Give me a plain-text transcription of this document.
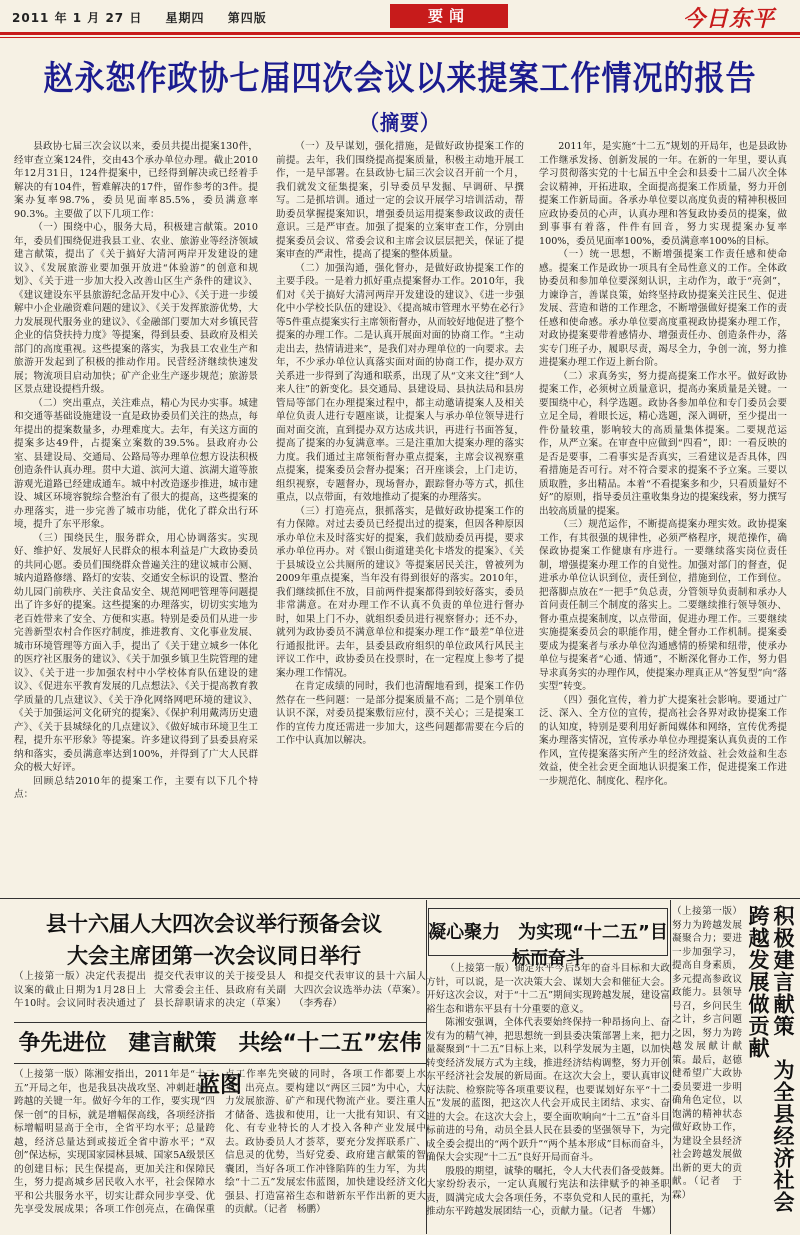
2011 年 1 月 27 日 星期四 第四版	要闻	今日东平
赵永恕作政协七届四次会议以来提案工作情况的报告（摘要）

县政协七届三次会议以来，委员共提出提案130件，经审查立案124件，交由43个承办单位办理。截止2010年12月31日，124件提案中，已经得到解决或已经着手解决的有104件，暂难解决的17件，留作参考的3件。提案办复率98.7%，委员见面率85.5%，委员满意率90.3%。主要做了以下几项工作：

（一）围绕中心，服务大局，积极建言献策。2010年，委员们围绕促进我县工业、农业、旅游业等经济领域建言献策，提出了《关于搞好大清河两岸开发建设的建议》、《发展旅游业要加强开放进“体验游”的创意和规划》、《关于进一步加大投入改善山区生产条件的建议》、《建议建设东平县旅游纪念品开发中心》、《关于进一步缓解中小企业融资难问题的建议》、《关于发挥旅游优势，大力发展现代服务业的建议》、《金融部门要加大对乡镇民营企业的信贷扶持力度》等提案，得到县委、县政府及相关部门的高度重视。这些提案的落实，为我县工农业生产和旅游开发起到了积极的推动作用。民营经济继续快速发展；物流项目启动加快；矿产企业生产逐步规范；旅游景区景点建设提档升级。

（二）突出重点，关注难点，精心为民办实事。城建和交通等基础设施建设一直是政协委员们关注的热点，每年提出的提案数量多，办理难度大。去年，有关这方面的提案多达49件，占提案立案数的39.5%。县政府办公室、县建设局、交通局、公路局等办理单位想方设法积极创造条件认真办理。贯中大道、滨河大道、滨湖大道等旅游观光道路已经建成通车。城中村改造逐步推进，城市建设、城区环境容貌综合整治有了很大的提高，这些提案的办理落实，进一步完善了城市功能，优化了群众出行环境，提升了东平形象。

（三）围绕民生，服务群众，用心协调落实。实现好、维护好、发展好人民群众的根本利益是广大政协委员的共同心愿。委员们围绕群众普遍关注的建议城市公厕、城内道路修缮、路灯的安装、交通安全标识的设置、整治幼儿园门前秩序、关注食品安全、规范网吧管理等问题提出了许多好的提案。这些提案的办理落实，切切实实地为老百姓带来了安全、方便和实惠。特别是委员们从进一步完善新型农村合作医疗制度，推进教育、文化事业发展、城市环境管理等方面入手，提出了《关于建立城乡一体化的医疗社区服务的建议》、《关于加强乡镇卫生院管理的建议》、《关于进一步加强农村中小学校体育队伍建设的建议》、《促进东平教育发展的几点想法》、《关于提高教育教学质量的几点建议》、《关于净化网络网吧环境的建议》、《关于加强运河文化研究的提案》、《保护利用戴湾历史遗产》、《关于县城绿化的几点建议》、《做好城市环境卫生工程，提升东平形象》等提案。许多建议得到了县委县府采纳和落实，委员满意率达到100%，并得到了广大人民群众的极大好评。

回顾总结2010年的提案工作，主要有以下几个特点：

（一）及早谋划，强化措施，是做好政协提案工作的前提。去年，我们围绕提高提案质量，积极主动地开展工作，一是早部署。在县政协七届三次会议召开前一个月，我们就发文征集提案，引导委员早发掘、早调研、早撰写。二是抓培训。通过一定的会议开展学习培训活动，帮助委员掌握提案知识，增强委员运用提案参政议政的责任意识。三是严审查。加强了提案的立案审查工作，分别由提案委员会议、常委会议和主席会议层层把关，保证了提案审查的严肃性，提高了提案的整体质量。

（二）加强沟通，强化督办，是做好政协提案工作的主要手段。一是着力抓好重点提案督办工作。2010年，我们对《关于搞好大清河两岸开发建设的建议》、《进一步强化中小学校长队伍的建设》、《提高城市管理水平势在必行》等5件重点提案实行主席领衔督办，从而较好地促进了整个提案的办理工作。二是认真开展面对面的协商工作。“主动走出去，热情请进来”，是我们对办理单位的一向要求。去年，不少承办单位认真落实面对面的协商工作，提办双方关系进一步得到了沟通和联系，出现了从“文来文往”到“人来人往”的新变化。县交通局、县建设局、县执法局和县房管局等部门在办理提案过程中，都主动邀请提案人及相关单位负责人进行专题座谈，让提案人与承办单位领导进行面对面交流，直到提办双方达成共识，再进行书面答复，提高了提案的办复满意率。三是注重加大提案办理的落实力度。我们通过主席领衔督办重点提案，主席会议视察重点提案，提案委员会督办提案；召开座谈会，上门走访，组织视察，专题督办，现场督办，跟踪督办等方式，抓住重点，以点带面，有效地推动了提案的办理落实。

（三）打造亮点，狠抓落实，是做好政协提案工作的有力保障。对过去委员已经提出过的提案，但因各种原因承办单位未及时落实好的提案，我们鼓励委员再提，要求承办单位再办。对《银山街道建美化卡塔发的提案》、《关于县城设立公共厕所的建议》等提案居民关注，曾被列为2009年重点提案，当年没有得到很好的落实。2010年，我们继续抓住不放，目前两件提案都得到较好落实，委员非常满意。在对办理工作不认真不负责的单位进行督办时，如果上门不办，就组织委员进行视察督办；还不办，就列为政协委员不满意单位和提案办理工作“最差”单位进行通报批评。去年，县委县政府组织的单位政风行风民主评议工作中，政协委员在投票时，在一定程度上参考了提案办理工作情况。

在肯定成绩的同时，我们也清醒地看到，提案工作仍然存在一些问题：一是部分提案质量不高；二是个别单位认识不深，对委员提案敷衍应付，漠不关心；三是提案工作的宣传力度还需进一步加大，这些问题都需要在今后的工作中认真加以解决。

2011年，是实施“十二五”规划的开局年，也是县政协工作继承发扬、创新发展的一年。在新的一年里，要认真学习贯彻落实党的十七届五中全会和县委十二届八次全体会议精神，开拓进取，全面提高提案工作质量，努力开创提案工作新局面。各承办单位要以高度负责的精神积极回应政协委员的心声，认真办理和答复政协委员的提案，做到事事有着落，件件有回音，努力实现提案办复率100%，委员见面率100%，委员满意率100%的目标。

（一）统一思想，不断增强提案工作责任感和使命感。提案工作是政协一项具有全局性意义的工作。全体政协委员和参加单位要深刻认识，主动作为，敢于“亮剑”，力谏诤言，善谋良策，始终坚持政协提案关注民生、促进发展、营造和谐的工作理念，不断增强做好提案工作的责任感和使命感。承办单位要高度重视政协提案办理工作，对政协提案要带着感情办、增强责任办、创造条件办，落实专门班子办，履职尽责，竭尽全力，争创一流，努力推进提案办理工作迈上新台阶。

（二）求真务实，努力提高提案工作水平。做好政协提案工作，必须树立质量意识，提高办案质量是关键。一要围绕中心，科学选题。政协各参加单位和专门委员会要立足全局，着眼长远，精心选题，深入调研，至少提出一件份量较重，影响较大的高质量集体提案。二要规范运作，从严立案。在审查中应做到“四看”，即：一看反映的是否是要事，二看事实是否真实，三看建议是否具体，四看措施是否可行。对不符合要求的提案不予立案。三要以质取胜，多出精品。本着“不看提案多和少，只看质量好不好”的原则，指导委员注重收集身边的提案线索，努力撰写出较高质量的提案。

（三）规范运作，不断提高提案办理实效。政协提案工作，有其很强的规律性，必须严格程序，规范操作，确保政协提案工作健康有序进行。一要继续落实岗位责任制，增强提案办理工作的自觉性。加强对部门的督查，促进承办单位认识到位，责任到位，措施到位，工作到位。把落脚点放在“一把手”负总责，分管领导负责制和承办人首问责任制三个制度的落实上。二要继续推行领导领办、督办重点提案制度，以点带面，促进办理工作。三要继续实施提案委员会的职能作用，健全督办工作机制。提案委要成为提案者与承办单位沟通感情的桥梁和纽带，使承办单位与提案者“心通、情通”，不断深化督办工作，努力倡导求真务实的办理作风，使提案办理真正从“答复型”向“落实型”转变。

（四）强化宣传，着力扩大提案社会影响。要通过广泛、深入、全方位的宣传，提高社会各界对政协提案工作的认知度，特别是要利用好新闻媒体和网络，宣传优秀提案办理落实情况，宣传承办单位办理提案认真负责的工作作风，宣传提案落实所产生的经济效益、社会效益和生态效益，使全社会更全面地认识提案工作，促进提案工作进一步规范化、制度化、程序化。

县十六届人大四次会议举行预备会议
大会主席团第一次会议同日举行
（上接第一版）决定代表提出议案的截止日期为1月28日上午10时。会议同时表决通过了提交代表审议的关于接受县人大常委会主任、县政府有关副县长辞职请求的决定（草案）和提交代表审议的县十六届人大四次会议选举办法（草案）。（李秀春）
争先进位　建言献策　共绘“十二五”宏伟蓝图
（上接第一版）陈湘安指出，2011年是“十二五”开局之年，也是我县决战攻坚、冲刺赶超，跨越的关键一年。做好今年的工作，要实现“四保一创”的目标，就是增幅保高线，各项经济指标增幅明显高于全市，全省平均水平；总量跨越，经济总量达到或接近全省中游水平；“双创”保达标，实现国家园林县城、国家5A级景区的创建目标；民生保提高，更加关注和保障民生，努力提高城乡居民收入水平，社会保障水平和公共服务水平，切实让群众同步享受、优先享受发展成果；各项工作创亮点，在确保重点工作率先突破的同时，各项工作都要上水平、出亮点。要构建以“两区三园”为中心，大力发展旅游、矿产和现代物流产业。要注重人才储备、选拔和使用，让一大批有知识、有文化、有专业特长的人才投入各种产业发展中去。政协委员人才荟萃，要充分发挥联系广、信息灵的优势，当好党委、政府建言献策的智囊团，当好各项工作冲锋陷阵的生力军，为共绘“十二五”发展宏伟蓝图，加快建设经济文化强县、打造富裕生态和谐新东平作出新的更大的贡献。（记者　杨鹏）
凝心聚力　为实现“十二五”目标而奋斗

（上接第一版）确定东平今后5年的奋斗目标和大政方针，可以说，是一次决策大会、谋划大会和催征大会。开好这次会议，对于“十二五”期间实现跨越发展，建设富裕生态和谐东平县有十分重要的意义。

陈湘安强调，全体代表要始终保持一种昂扬向上、奋发有为的精气神，把思想统一到县委决策部署上来，把力量凝聚到“十二五”目标上来，以科学发展为主题，以加快转变经济发展方式为主线，推进经济结构调整，努力开创东平经济社会发展的新局面。在这次大会上，要认真审议好法院、检察院等各项重要议程，也要谋划好东平“十二五”发展的蓝图，把这次人代会开成民主团结、求实、奋进的大会。在这次大会上，要全面吹响向“十二五”奋斗目标前进的号角，动员全县人民在县委的坚强领导下，为完成全委会提出的“两个跃升”“两个基本形成”目标而奋斗，确保大会实现“十二五”良好开局而奋斗。

殷殷的期望，诚挚的嘱托，令人大代表们备受鼓舞。大家纷纷表示，一定认真履行宪法和法律赋予的神圣职责，圆满完成大会各项任务，不辜负党和人民的重托，为推动东平跨越发展团结一心，贡献力量。（记者　牛娜）

（上接第一版）努力为跨越发展凝聚合力；要进一步加强学习，提高自身素质，多元提高参政议政能力。县领导号召，乡问民生之计，乡言问题之因，努力为跨越发展献计献策。最后，赵德健希望广大政协委员要进一步明确角色定位，以饱满的精神状态做好政协工作，为建设全县经济社会跨越发展做出新的更大的贡献。（记者　于霖）	积极建言献策　为全县经济社会跨越发展做贡献
